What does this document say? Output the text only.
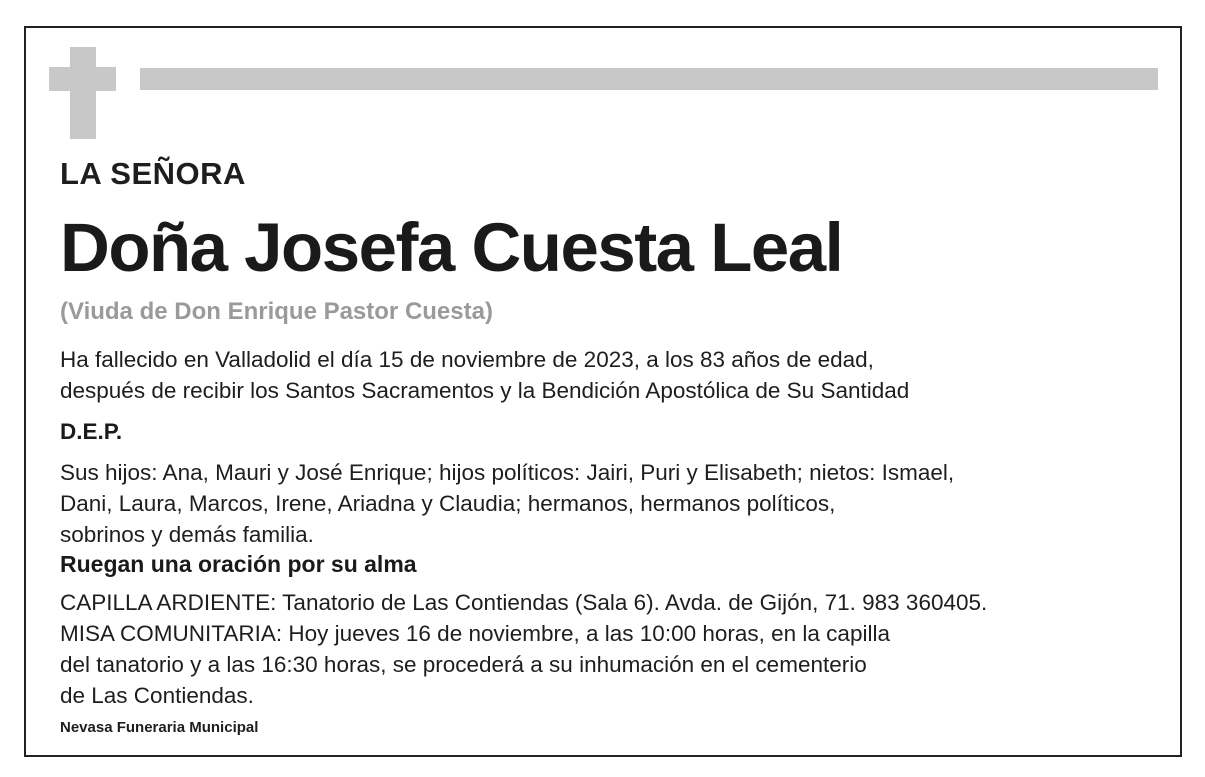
LA SEÑORA

Doña Josefa Cuesta Leal

(Viuda de Don Enrique Pastor Cuesta)

Ha fallecido en Valladolid el día 15 de noviembre de 2023, a los 83 años de edad,
después de recibir los Santos Sacramentos y la Bendición Apostólica de Su Santidad

D.E.P.

Sus hijos: Ana, Mauri y José Enrique; hijos políticos: Jairi, Puri y Elisabeth; nietos: Ismael,
Dani, Laura, Marcos, Irene, Ariadna y Claudia; hermanos, hermanos políticos,
sobrinos y demás familia.

Ruegan una oración por su alma

CAPILLA ARDIENTE: Tanatorio de Las Contiendas (Sala 6). Avda. de Gijón, 71. 983 360405.
MISA COMUNITARIA: Hoy jueves 16 de noviembre, a las 10:00 horas, en la capilla
del tanatorio y a las 16:30 horas, se procederá a su inhumación en el cementerio
de Las Contiendas.

Nevasa Funeraria Municipal
